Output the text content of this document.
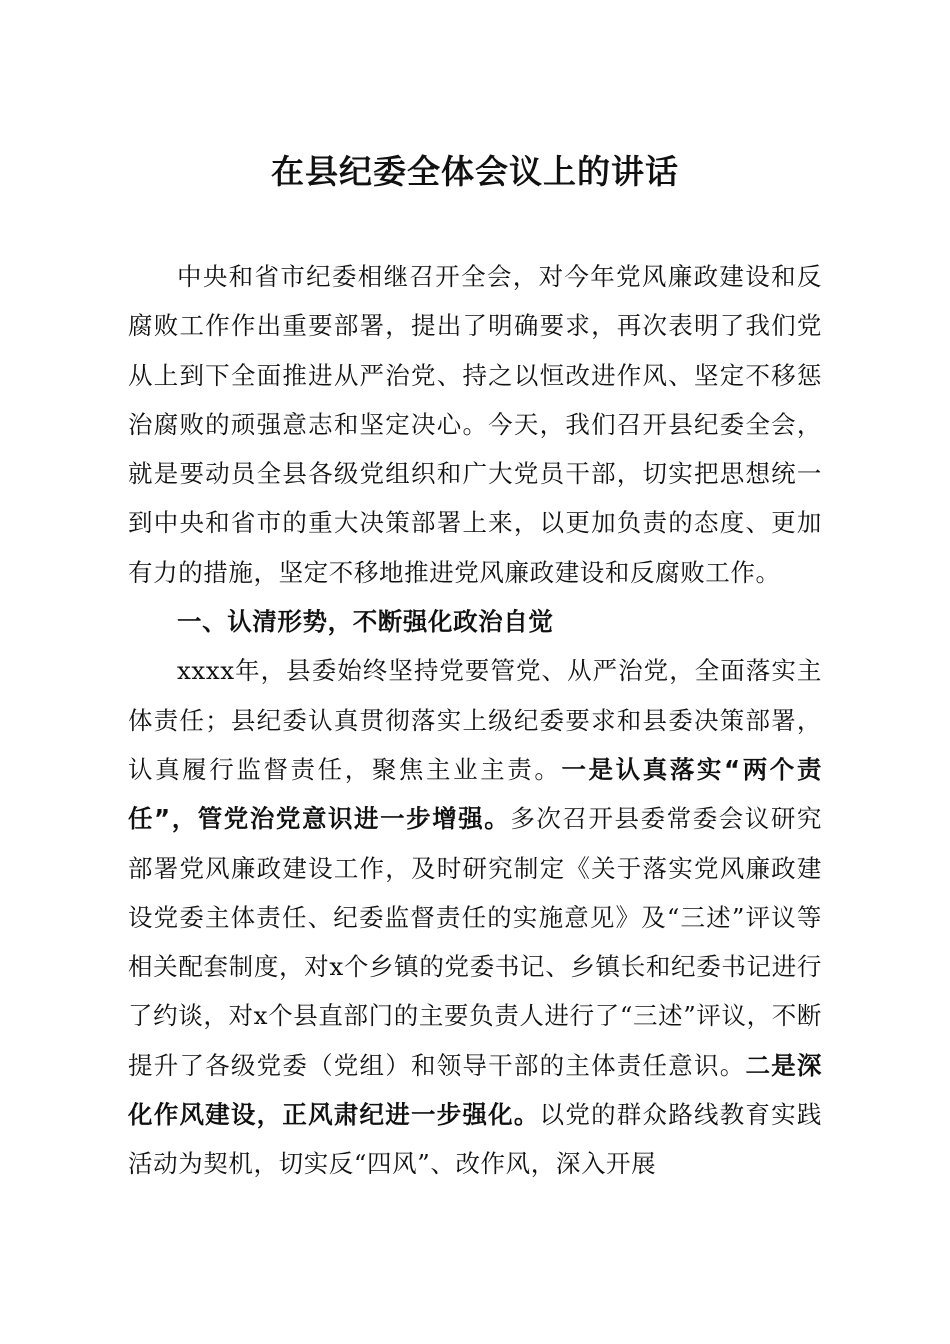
在县纪委全体会议上的讲话

中央和省市纪委相继召开全会，对今年党风廉政建设和反腐败工作作出重要部署，提出了明确要求，再次表明了我们党从上到下全面推进从严治党、持之以恒改进作风、坚定不移惩治腐败的顽强意志和坚定决心。今天，我们召开县纪委全会，就是要动员全县各级党组织和广大党员干部，切实把思想统一到中央和省市的重大决策部署上来，以更加负责的态度、更加有力的措施，坚定不移地推进党风廉政建设和反腐败工作。

一、认清形势，不断强化政治自觉

xxxx年，县委始终坚持党要管党、从严治党，全面落实主体责任；县纪委认真贯彻落实上级纪委要求和县委决策部署，认真履行监督责任，聚焦主业主责。一是认真落实“两个责任”，管党治党意识进一步增强。多次召开县委常委会议研究部署党风廉政建设工作，及时研究制定《关于落实党风廉政建设党委主体责任、纪委监督责任的实施意见》及“三述”评议等相关配套制度，对x个乡镇的党委书记、乡镇长和纪委书记进行了约谈，对x个县直部门的主要负责人进行了“三述”评议，不断提升了各级党委（党组）和领导干部的主体责任意识。二是深化作风建设，正风肃纪进一步强化。以党的群众路线教育实践活动为契机，切实反“四风”、改作风，深入开展
